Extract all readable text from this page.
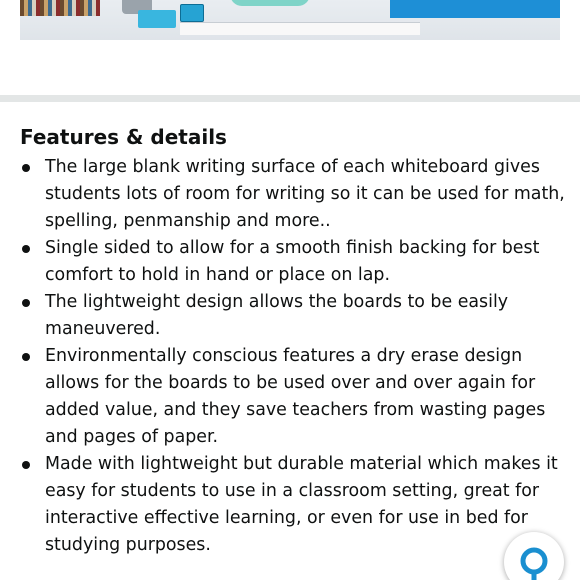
Features & details
The large blank writing surface of each whiteboard gives students lots of room for writing so it can be used for math, spelling, penmanship and more..
Single sided to allow for a smooth finish backing for best comfort to hold in hand or place on lap.
The lightweight design allows the boards to be easily maneuvered.
Environmentally conscious features a dry erase design allows for the boards to be used over and over again for added value, and they save teachers from wasting pages and pages of paper.
Made with lightweight but durable material which makes it easy for students to use in a classroom setting, great for interactive effective learning, or even for use in bed for studying purposes.
